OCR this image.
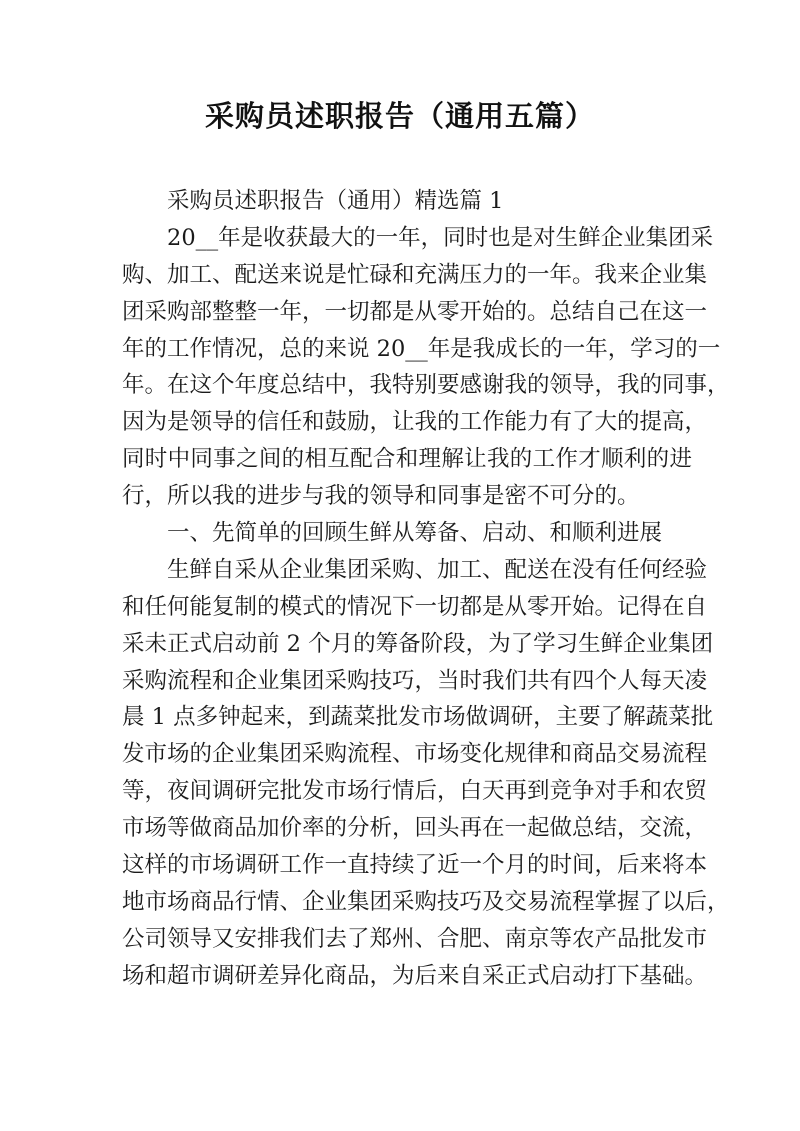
采购员述职报告（通用五篇）
采购员述职报告（通用）精选篇 1
20__年是收获最大的一年，同时也是对生鲜企业集团采
购、加工、配送来说是忙碌和充满压力的一年。我来企业集
团采购部整整一年，一切都是从零开始的。总结自己在这一
年的工作情况，总的来说 20__年是我成长的一年，学习的一
年。在这个年度总结中，我特别要感谢我的领导，我的同事，
因为是领导的信任和鼓励，让我的工作能力有了大的提高，
同时中同事之间的相互配合和理解让我的工作才顺利的进
行，所以我的进步与我的领导和同事是密不可分的。
一、先简单的回顾生鲜从筹备、启动、和顺利进展
生鲜自采从企业集团采购、加工、配送在没有任何经验
和任何能复制的模式的情况下一切都是从零开始。记得在自
采未正式启动前 2 个月的筹备阶段，为了学习生鲜企业集团
采购流程和企业集团采购技巧，当时我们共有四个人每天凌
晨 1 点多钟起来，到蔬菜批发市场做调研，主要了解蔬菜批
发市场的企业集团采购流程、市场变化规律和商品交易流程
等，夜间调研完批发市场行情后，白天再到竞争对手和农贸
市场等做商品加价率的分析，回头再在一起做总结，交流，
这样的市场调研工作一直持续了近一个月的时间，后来将本
地市场商品行情、企业集团采购技巧及交易流程掌握了以后，
公司领导又安排我们去了郑州、合肥、南京等农产品批发市
场和超市调研差异化商品，为后来自采正式启动打下基础。
